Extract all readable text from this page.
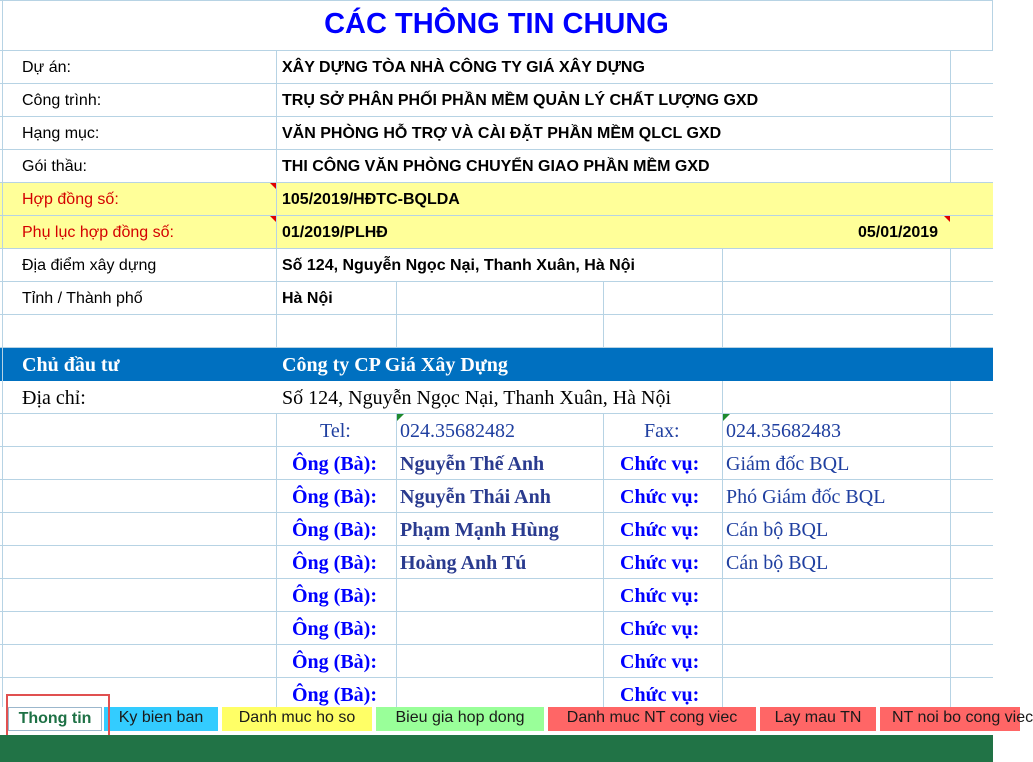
CÁC THÔNG TIN CHUNG
Dự án:	XÂY DỰNG TÒA NHÀ CÔNG TY GIÁ XÂY DỰNG
Công trình:	TRỤ SỞ PHÂN PHỐI PHẦN MỀM QUẢN LÝ CHẤT LƯỢNG GXD
Hạng mục:	VĂN PHÒNG HỖ TRỢ VÀ CÀI ĐẶT PHẦN MỀM QLCL GXD
Gói thầu:	THI CÔNG VĂN PHÒNG CHUYỂN GIAO PHẦN MỀM GXD
Hợp đồng số:	105/2019/HĐTC-BQLDA
Phụ lục hợp đồng số:	01/2019/PLHĐ	05/01/2019
Địa điểm xây dựng	Số 124, Nguyễn Ngọc Nại, Thanh Xuân, Hà Nội
Tỉnh / Thành phố	Hà Nội
Chủ đầu tư	Công ty CP Giá Xây Dựng
Địa chỉ:	Số 124, Nguyễn Ngọc Nại, Thanh Xuân, Hà Nội
Tel: 024.35682482	Fax: 024.35682483
Ông (Bà): Nguyễn Thế Anh	Chức vụ: Giám đốc BQL
Ông (Bà): Nguyễn Thái Anh	Chức vụ: Phó Giám đốc BQL
Ông (Bà): Phạm Mạnh Hùng	Chức vụ: Cán bộ BQL
Ông (Bà): Hoàng Anh Tú	Chức vụ: Cán bộ BQL
Ông (Bà):	Chức vụ:
Ông (Bà):	Chức vụ:
Ông (Bà):	Chức vụ:
Ông (Bà):	Chức vụ:
Thong tin	Ky bien ban	Danh muc ho so	Bieu gia hop dong	Danh muc NT cong viec	Lay mau TN	NT noi bo cong viec
